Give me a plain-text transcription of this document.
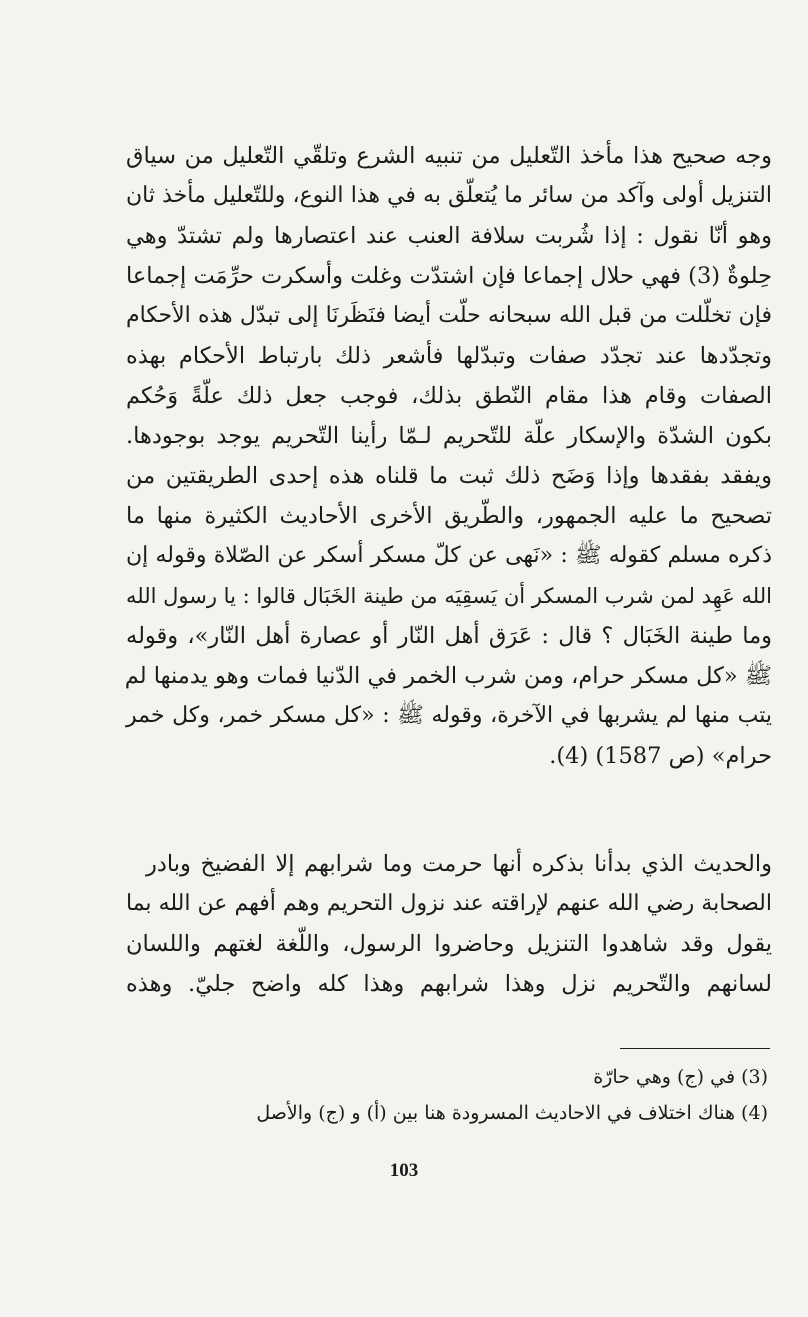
وجه صحيح هذا مأخذ التّعليل من تنبيه الشرع وتلقّي التّعليل من سياق
التنزيل أولى وآكد من سائر ما يُتعلّق به في هذا النوع، وللتّعليل مأخذ ثان
وهو أنّا نقول : إذا شُربت سلافة العنب عند اعتصارها ولم تشتدّ وهي
حِلوةٌ (3) فهي حلال إجماعا فإن اشتدّت وغلت وأسكرت حرِّمَت إجماعا
فإن تخلّلت من قبل الله سبحانه حلّت أيضا فنَظَرنَا إلى تبدّل هذه الأحكام
وتجدّدها عند تجدّد صفات وتبدّلها فأشعر ذلك بارتباط الأحكام بهذه
الصفات وقام هذا مقام النّطق بذلك، فوجب جعل ذلك علّةً وَحُكم
بكون الشدّة والإسكار علّة للتّحريم لـمّا رأينا التّحريم يوجد بوجودها.
ويفقد بفقدها وإذا وَضَح ذلك ثبت ما قلناه هذه إحدى الطريقتين من
تصحيح ما عليه الجمهور، والطّريق الأخرى الأحاديث الكثيرة منها ما
ذكره مسلم كقوله ﷺ : «نَهى عن كلّ مسكر أسكر عن الصّلاة وقوله إن
الله عَهِد لمن شرب المسكر أن يَسقِيَه من طينة الخَبَال قالوا : يا رسول الله
وما طينة الخَبَال ؟ قال : عَرَق أهل النّار أو عصارة أهل النّار»، وقوله
ﷺ «كل مسكر حرام، ومن شرب الخمر في الدّنيا فمات وهو يدمنها لم
يتب منها لم يشربها في الآخرة، وقوله ﷺ : «كل مسكر خمر، وكل خمر
حرام» (ص 1587) (4).
والحديث الذي بدأنا بذكره أنها حرمت وما شرابهم إلا الفضيخ وبادر
الصحابة رضي الله عنهم لإراقته عند نزول التحريم وهم أفهم عن الله بما
يقول وقد شاهدوا التنزيل وحاضروا الرسول، واللّغة لغتهم واللسان
لسانهم والتّحريم نزل وهذا شرابهم وهذا كله واضح جليّ. وهذه
(3) في (ج) وهي حارّة
(4) هناك اختلاف في الاحاديث المسرودة هنا بين (أ) و (ج) والأصل
103
